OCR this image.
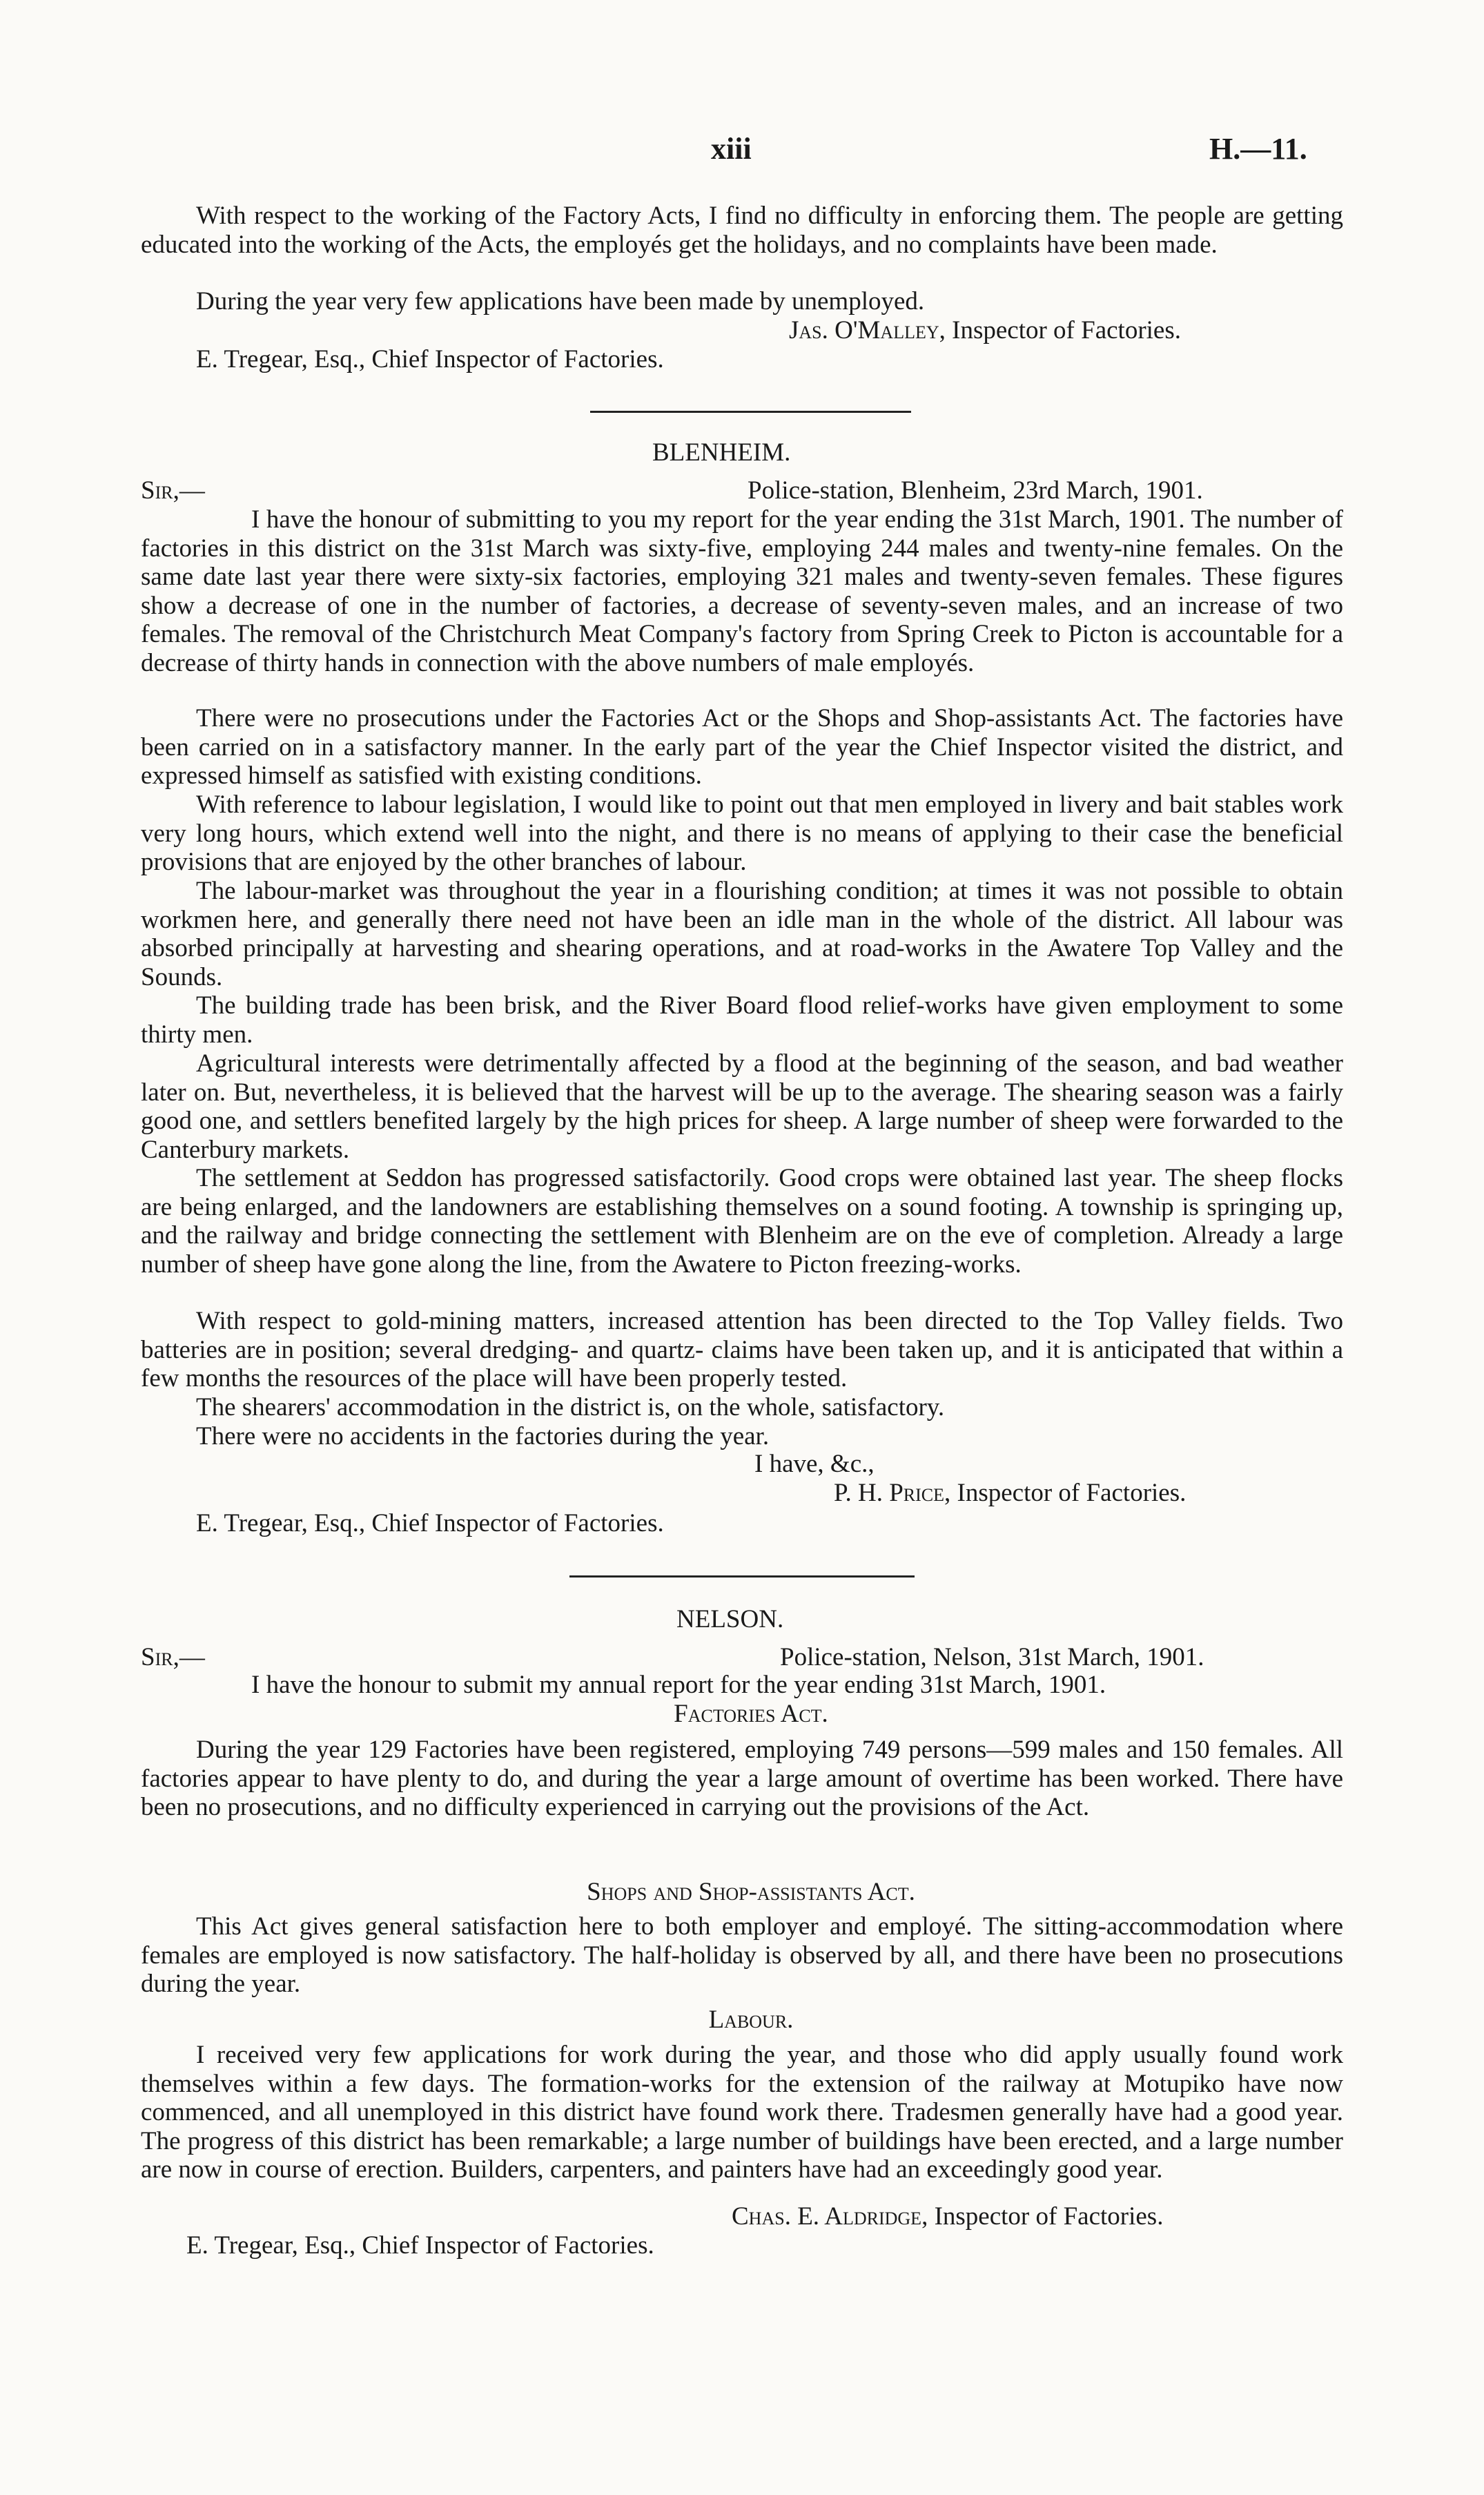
xiii	H.—11.
With respect to the working of the Factory Acts, I find no difficulty in enforcing them. The people are getting educated into the working of the Acts, the employés get the holidays, and no complaints have been made.
During the year very few applications have been made by unemployed.
Jas. O'Malley, Inspector of Factories.
E. Tregear, Esq., Chief Inspector of Factories.
BLENHEIM.
Sir,—	Police-station, Blenheim, 23rd March, 1901.
I have the honour of submitting to you my report for the year ending the 31st March, 1901. The number of factories in this district on the 31st March was sixty-five, employing 244 males and twenty-nine females. On the same date last year there were sixty-six factories, employing 321 males and twenty-seven females. These figures show a decrease of one in the number of factories, a decrease of seventy-seven males, and an increase of two females. The removal of the Christchurch Meat Company's factory from Spring Creek to Picton is accountable for a decrease of thirty hands in connection with the above numbers of male employés.
There were no prosecutions under the Factories Act or the Shops and Shop-assistants Act. The factories have been carried on in a satisfactory manner. In the early part of the year the Chief Inspector visited the district, and expressed himself as satisfied with existing conditions.
With reference to labour legislation, I would like to point out that men employed in livery and bait stables work very long hours, which extend well into the night, and there is no means of applying to their case the beneficial provisions that are enjoyed by the other branches of labour.
The labour-market was throughout the year in a flourishing condition; at times it was not possible to obtain workmen here, and generally there need not have been an idle man in the whole of the district. All labour was absorbed principally at harvesting and shearing operations, and at road-works in the Awatere Top Valley and the Sounds.
The building trade has been brisk, and the River Board flood relief-works have given employment to some thirty men.
Agricultural interests were detrimentally affected by a flood at the beginning of the season, and bad weather later on. But, nevertheless, it is believed that the harvest will be up to the average. The shearing season was a fairly good one, and settlers benefited largely by the high prices for sheep. A large number of sheep were forwarded to the Canterbury markets.
The settlement at Seddon has progressed satisfactorily. Good crops were obtained last year. The sheep flocks are being enlarged, and the landowners are establishing themselves on a sound footing. A township is springing up, and the railway and bridge connecting the settlement with Blenheim are on the eve of completion. Already a large number of sheep have gone along the line, from the Awatere to Picton freezing-works.
With respect to gold-mining matters, increased attention has been directed to the Top Valley fields. Two batteries are in position; several dredging- and quartz- claims have been taken up, and it is anticipated that within a few months the resources of the place will have been properly tested.
The shearers' accommodation in the district is, on the whole, satisfactory.
There were no accidents in the factories during the year.
I have, &c.,
P. H. Price, Inspector of Factories.
E. Tregear, Esq., Chief Inspector of Factories.
NELSON.
Sir,—	Police-station, Nelson, 31st March, 1901.
I have the honour to submit my annual report for the year ending 31st March, 1901.
Factories Act.
During the year 129 Factories have been registered, employing 749 persons—599 males and 150 females. All factories appear to have plenty to do, and during the year a large amount of overtime has been worked. There have been no prosecutions, and no difficulty experienced in carrying out the provisions of the Act.
Shops and Shop-assistants Act.
This Act gives general satisfaction here to both employer and employé. The sitting-accommodation where females are employed is now satisfactory. The half-holiday is observed by all, and there have been no prosecutions during the year.
Labour.
I received very few applications for work during the year, and those who did apply usually found work themselves within a few days. The formation-works for the extension of the railway at Motupiko have now commenced, and all unemployed in this district have found work there. Tradesmen generally have had a good year. The progress of this district has been remarkable; a large number of buildings have been erected, and a large number are now in course of erection. Builders, carpenters, and painters have had an exceedingly good year.
Chas. E. Aldridge, Inspector of Factories.
E. Tregear, Esq., Chief Inspector of Factories.
